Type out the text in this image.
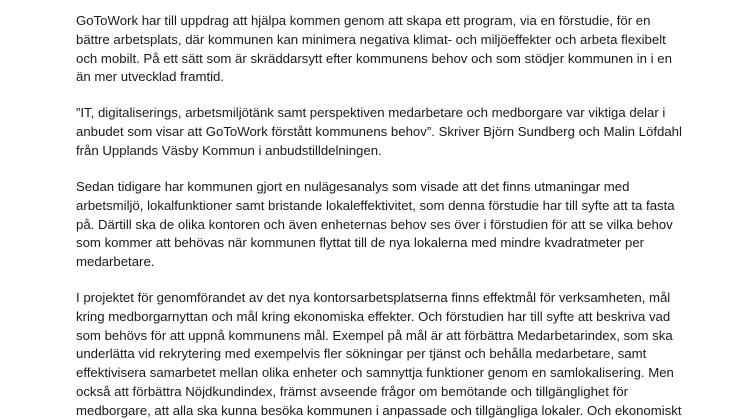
GoToWork har till uppdrag att hjälpa kommen genom att skapa ett program, via en förstudie, för en
bättre arbetsplats, där kommunen kan minimera negativa klimat- och miljöeffekter och arbeta flexibelt
och mobilt. På ett sätt som är skräddarsytt efter kommunens behov och som stödjer kommunen in i en
än mer utvecklad framtid.
”IT, digitaliserings, arbetsmiljötänk samt perspektiven medarbetare och medborgare var viktiga delar i
anbudet som visar att GoToWork förstått kommunens behov”. Skriver Björn Sundberg och Malin Löfdahl
från Upplands Väsby Kommun i anbudstilldelningen.
Sedan tidigare har kommunen gjort en nulägesanalys som visade att det finns utmaningar med
arbetsmiljö, lokalfunktioner samt bristande lokaleffektivitet, som denna förstudie har till syfte att ta fasta
på. Därtill ska de olika kontoren och även enheternas behov ses över i förstudien för att se vilka behov
som kommer att behövas när kommunen flyttat till de nya lokalerna med mindre kvadratmeter per
medarbetare.
I projektet för genomförandet av det nya kontorsarbetsplatserna finns effektmål för verksamheten, mål
kring medborgarnyttan och mål kring ekonomiska effekter. Och förstudien har till syfte att beskriva vad
som behövs för att uppnå kommunens mål. Exempel på mål är att förbättra Medarbetarindex, som ska
underlätta vid rekrytering med exempelvis fler sökningar per tjänst och behålla medarbetare, samt
effektivisera samarbetet mellan olika enheter och samnyttja funktioner genom en samlokalisering. Men
också att förbättra Nöjdkundindex, främst avseende frågor om bemötande och tillgänglighet för
medborgare, att alla ska kunna besöka kommunen i anpassade och tillgängliga lokaler. Och ekonomiskt
